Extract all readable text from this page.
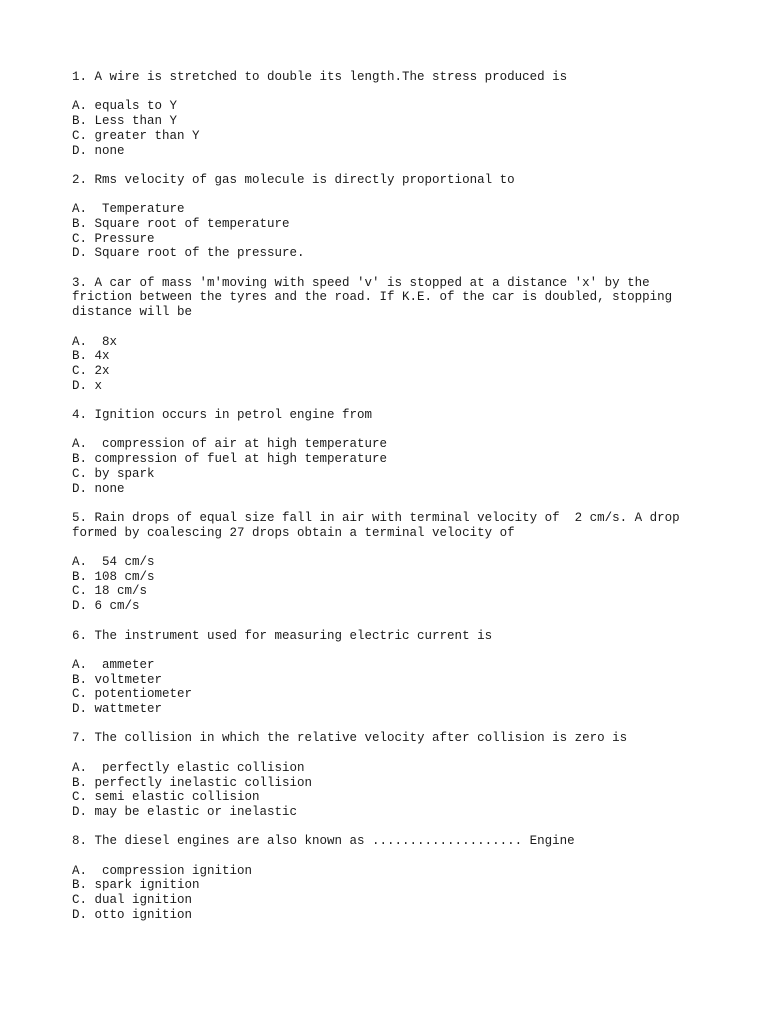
1. A wire is stretched to double its length.The stress produced is
A. equals to Y
B. Less than Y
C. greater than Y
D. none
2. Rms velocity of gas molecule is directly proportional to
A.  Temperature
B. Square root of temperature
C. Pressure
D. Square root of the pressure.
3. A car of mass 'm'moving with speed 'v' is stopped at a distance 'x' by the
friction between the tyres and the road. If K.E. of the car is doubled, stopping
distance will be
A.  8x
B. 4x
C. 2x
D. x
4. Ignition occurs in petrol engine from
A.  compression of air at high temperature
B. compression of fuel at high temperature
C. by spark
D. none
5. Rain drops of equal size fall in air with terminal velocity of  2 cm/s. A drop
formed by coalescing 27 drops obtain a terminal velocity of
A.  54 cm/s
B. 108 cm/s
C. 18 cm/s
D. 6 cm/s
6. The instrument used for measuring electric current is
A.  ammeter
B. voltmeter
C. potentiometer
D. wattmeter
7. The collision in which the relative velocity after collision is zero is
A.  perfectly elastic collision
B. perfectly inelastic collision
C. semi elastic collision
D. may be elastic or inelastic
8. The diesel engines are also known as .................... Engine
A.  compression ignition
B. spark ignition
C. dual ignition
D. otto ignition
